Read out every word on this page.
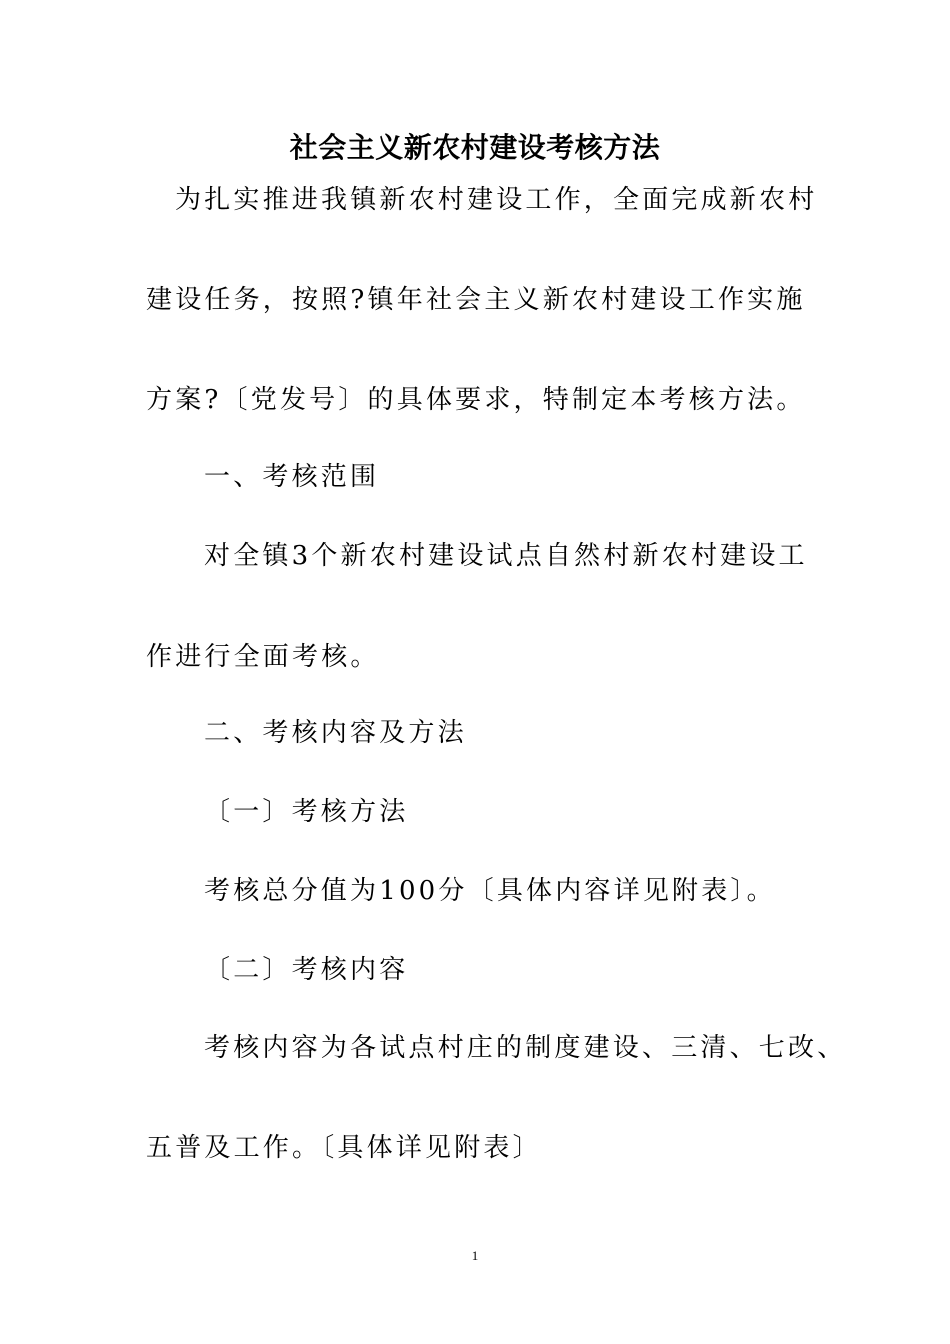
社会主义新农村建设考核方法
为扎实推进我镇新农村建设工作，全面完成新农村
建设任务，按照?镇年社会主义新农村建设工作实施
方案?〔党发号〕的具体要求，特制定本考核方法。
一、考核范围
对全镇3个新农村建设试点自然村新农村建设工
作进行全面考核。
二、考核内容及方法
〔一〕考核方法
考核总分值为100分〔具体内容详见附表〕。
〔二〕考核内容
考核内容为各试点村庄的制度建设、三清、七改、
五普及工作。〔具体详见附表〕
1
